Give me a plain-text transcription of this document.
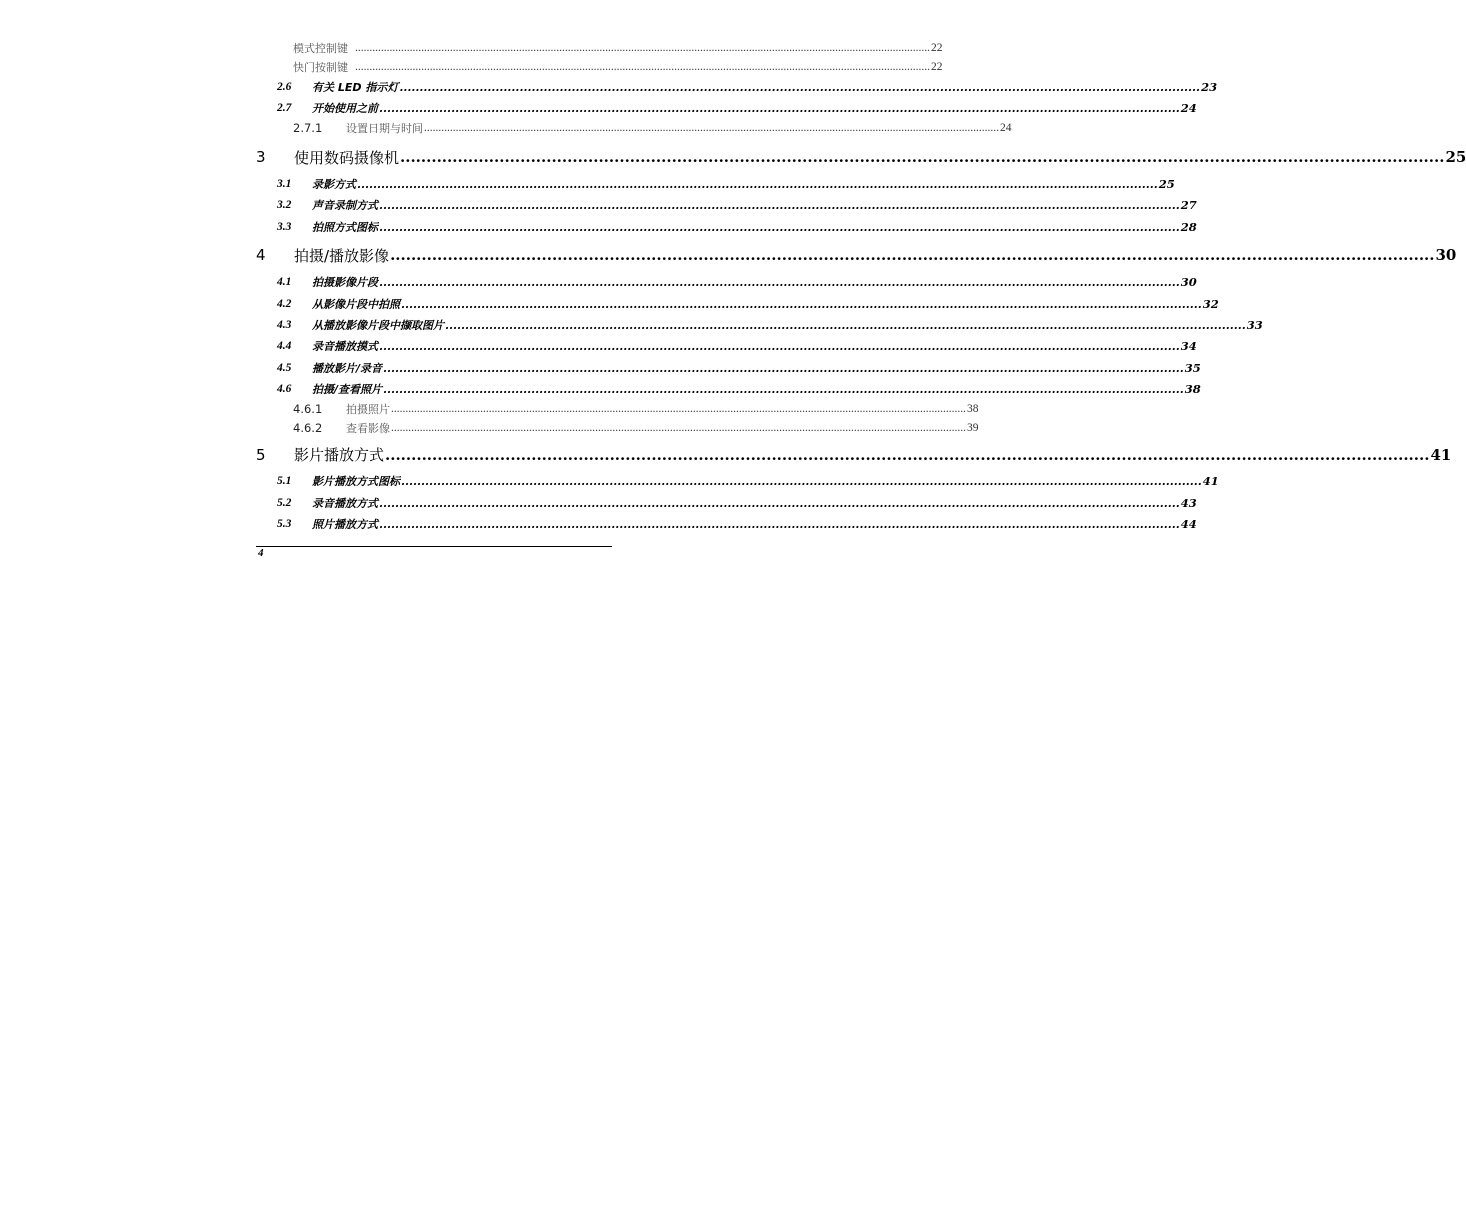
模式控制键 ........................................................................................................................................................................................................ 22
快门按制键 ........................................................................................................................................................................................................ 22
2.6	有关 LED 指示灯 ........................................................................................................................................................................................................ 23
2.7	开始使用之前 ........................................................................................................................................................................................................ 24
2.7.1	设置日期与时间 ........................................................................................................................................................................................................ 24
3	使用数码摄像机 ........................................................................................................................................................................................................ 25
3.1	录影方式 ........................................................................................................................................................................................................ 25
3.2	声音录制方式 ........................................................................................................................................................................................................ 27
3.3	拍照方式图标 ........................................................................................................................................................................................................ 28
4	拍摄/播放影像 ........................................................................................................................................................................................................ 30
4.1	拍摄影像片段 ........................................................................................................................................................................................................ 30
4.2	从影像片段中拍照 ........................................................................................................................................................................................................ 32
4.3	从播放影像片段中撷取图片 ........................................................................................................................................................................................................ 33
4.4	录音播放摸式 ........................................................................................................................................................................................................ 34
4.5	播放影片/录音 ........................................................................................................................................................................................................ 35
4.6	拍摄/查看照片 ........................................................................................................................................................................................................ 38
4.6.1	拍摄照片 ........................................................................................................................................................................................................ 38
4.6.2	查看影像 ........................................................................................................................................................................................................ 39
5	影片播放方式 ........................................................................................................................................................................................................ 41
5.1	影片播放方式图标 ........................................................................................................................................................................................................ 41
5.2	录音播放方式 ........................................................................................................................................................................................................ 43
5.3	照片播放方式 ........................................................................................................................................................................................................ 44
4
